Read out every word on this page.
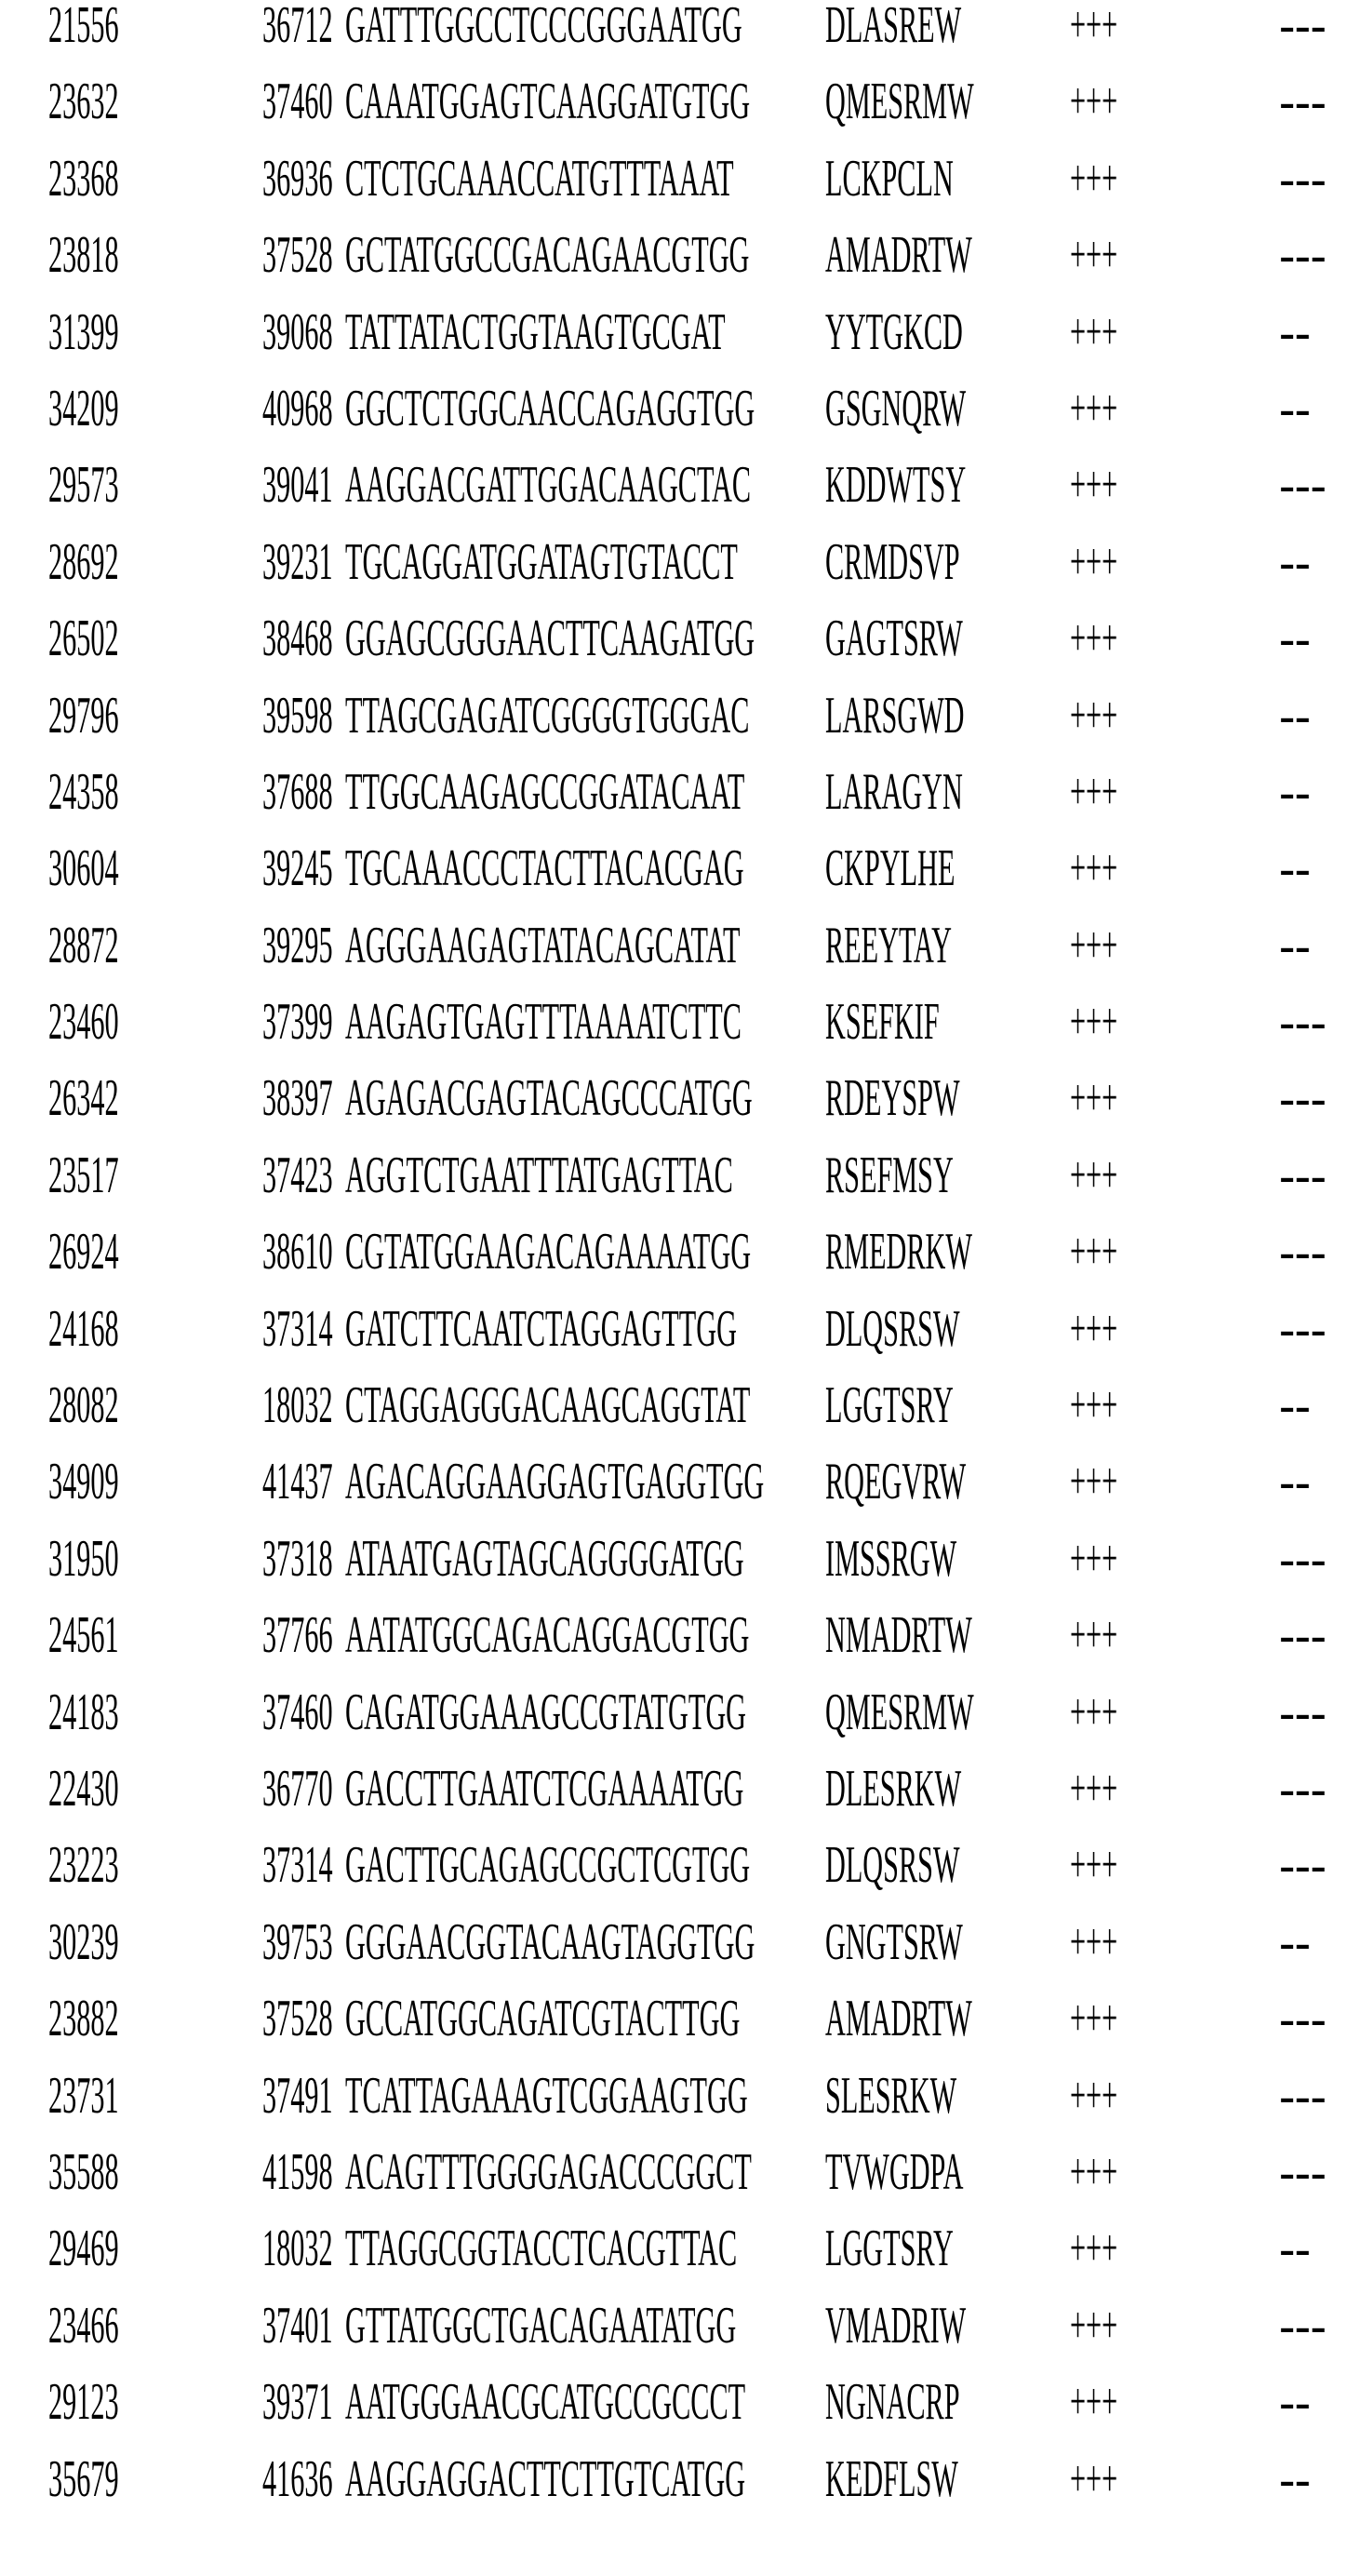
21556	36712 GATTTGGCCTCCCGGGAATGG DLASREW +++	---
23632	37460 CAAATGGAGTCAAGGATGTGG QMESRMW +++	---
23368	36936 CTCTGCAAACCATGTTTAAAT LCKPCLN +++	---
23818	37528 GCTATGGCCGACAGAACGTGG AMADRTW +++	---
31399	39068 TATTATACTGGTAAGTGCGAT YYTGKCD +++	--
34209	40968 GGCTCTGGCAACCAGAGGTGG GSGNQRW +++	--
29573	39041 AAGGACGATTGGACAAGCTAC KDDWTSY +++	---
28692	39231 TGCAGGATGGATAGTGTACCT CRMDSVP +++	--
26502	38468 GGAGCGGGAACTTCAAGATGG GAGTSRW +++	--
29796	39598 TTAGCGAGATCGGGGTGGGAC LARSGWD +++	--
24358	37688 TTGGCAAGAGCCGGATACAAT LARAGYN +++	--
30604	39245 TGCAAACCCTACTTACACGAG CKPYLHE +++	--
28872	39295 AGGGAAGAGTATACAGCATAT REEYTAY +++	--
23460	37399 AAGAGTGAGTTTAAAATCTTC KSEFKIF	+++	---
26342	38397 AGAGACGAGTACAGCCCATGG RDEYSPW +++	---
23517	37423 AGGTCTGAATTTATGAGTTAC RSEFMSY +++	---
26924	38610 CGTATGGAAGACAGAAAATGG RMEDRKW +++	---
24168	37314 GATCTTCAATCTAGGAGTTGG DLQSRSW +++	---
28082	18032 CTAGGAGGGACAAGCAGGTAT LGGTSRY +++	--
34909	41437 AGACAGGAAGGAGTGAGGTGG RQEGVRW +++	--
31950	37318 ATAATGAGTAGCAGGGGATGG IMSSRGW +++	---
24561	37766 AATATGGCAGACAGGACGTGG NMADRTW +++	---
24183	37460 CAGATGGAAAGCCGTATGTGG QMESRMW +++	---
22430	36770 GACCTTGAATCTCGAAAATGG DLESRKW +++	---
23223	37314 GACTTGCAGAGCCGCTCGTGG DLQSRSW +++	---
30239	39753 GGGAACGGTACAAGTAGGTGG GNGTSRW +++	--
23882	37528 GCCATGGCAGATCGTACTTGG AMADRTW +++	---
23731	37491 TCATTAGAAAGTCGGAAGTGG SLESRKW +++	---
35588	41598 ACAGTTTGGGGAGACCCGGCT TVWGDPA +++	---
29469	18032 TTAGGCGGTACCTCACGTTAC LGGTSRY +++	--
23466	37401 GTTATGGCTGACAGAATATGG VMADRIW +++	---
29123	39371 AATGGGAACGCATGCCGCCCT NGNACRP +++	--
35679	41636 AAGGAGGACTTCTTGTCATGG KEDFLSW +++	--
